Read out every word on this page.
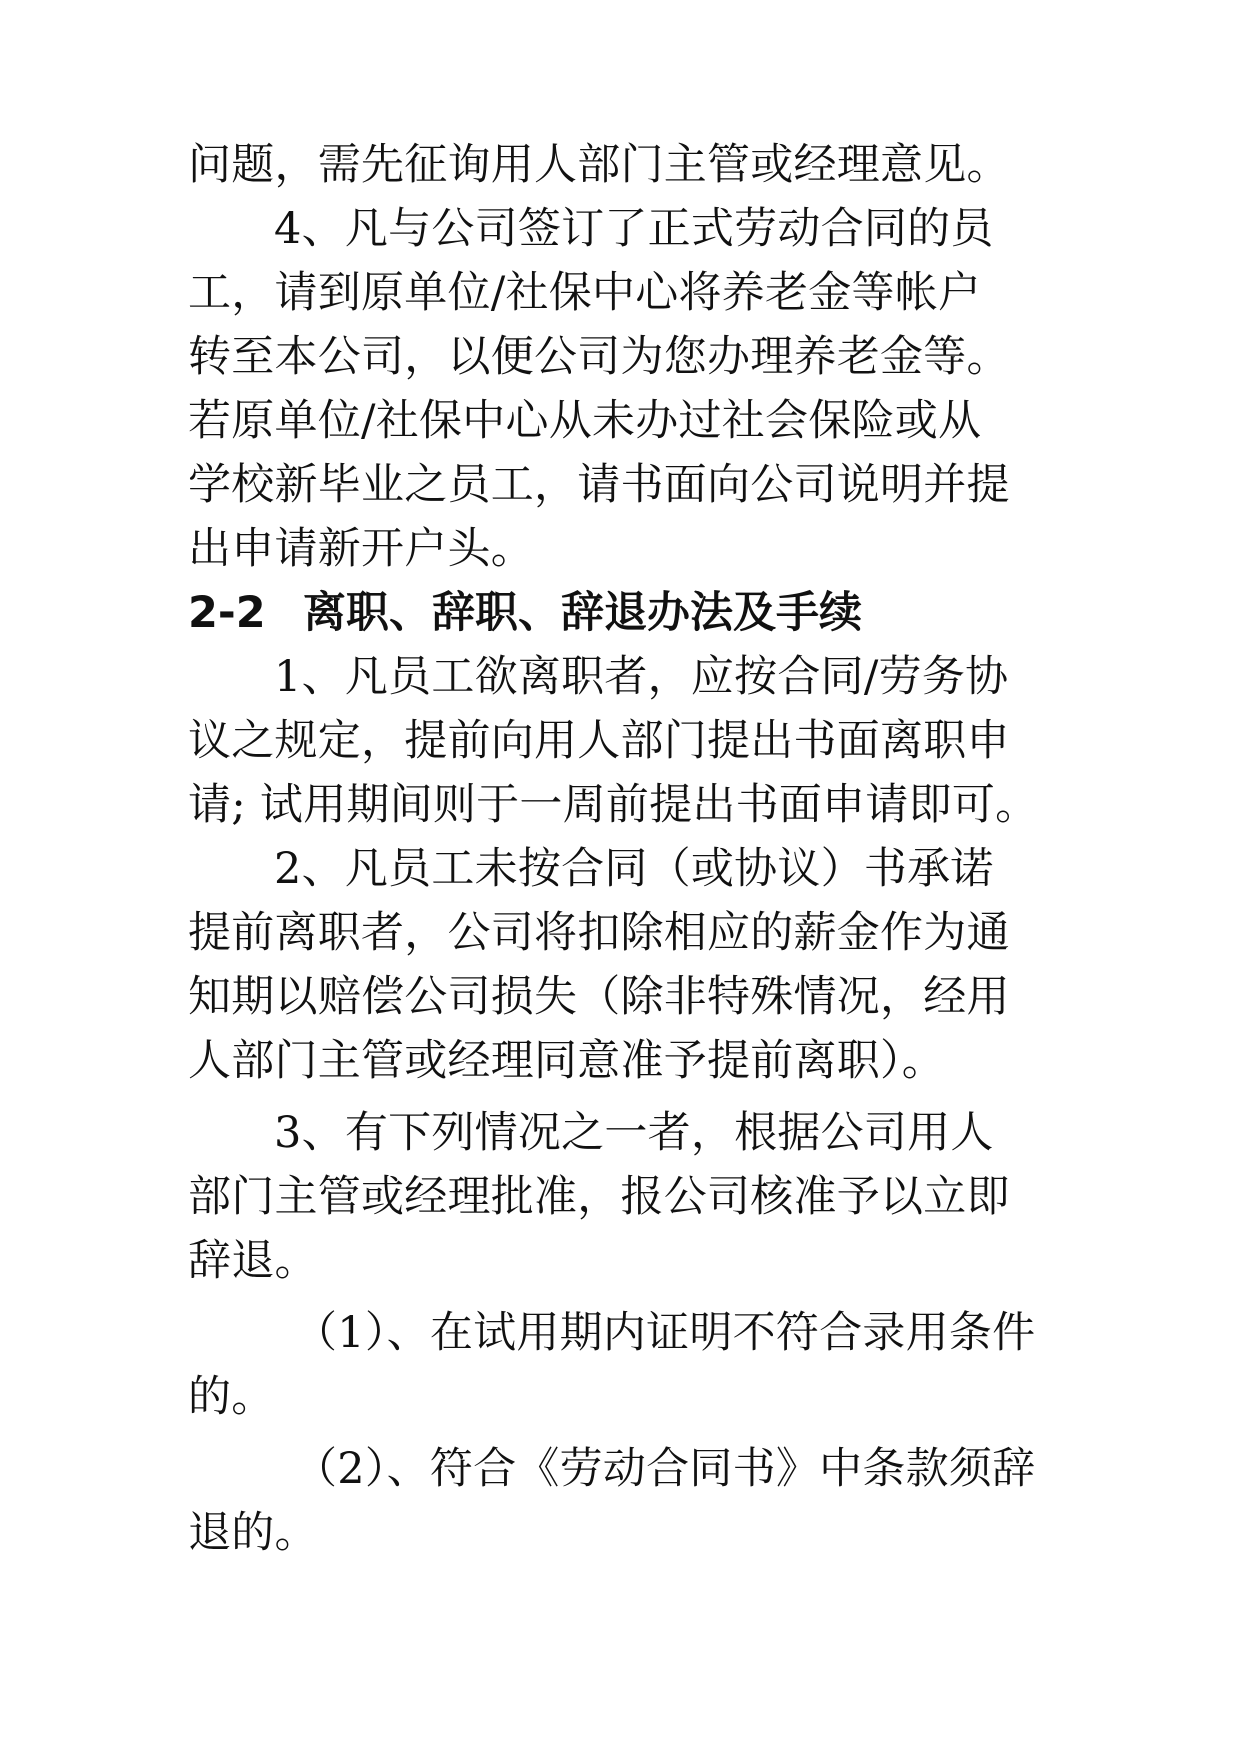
问题，需先征询用人部门主管或经理意见。
4、凡与公司签订了正式劳动合同的员
工，请到原单位/社保中心将养老金等帐户
转至本公司，以便公司为您办理养老金等。
若原单位/社保中心从未办过社会保险或从
学校新毕业之员工，请书面向公司说明并提
出申请新开户头。
2-2 离职、辞职、辞退办法及手续
1、凡员工欲离职者，应按合同/劳务协
议之规定，提前向用人部门提出书面离职申
请; 试用期间则于一周前提出书面申请即可。
2、凡员工未按合同（或协议）书承诺
提前离职者，公司将扣除相应的薪金作为通
知期以赔偿公司损失（除非特殊情况，经用
人部门主管或经理同意准予提前离职）。
3、有下列情况之一者，根据公司用人
部门主管或经理批准，报公司核准予以立即
辞退。
（1）、在试用期内证明不符合录用条件
的。
（2）、符合《劳动合同书》中条款须辞
退的。
